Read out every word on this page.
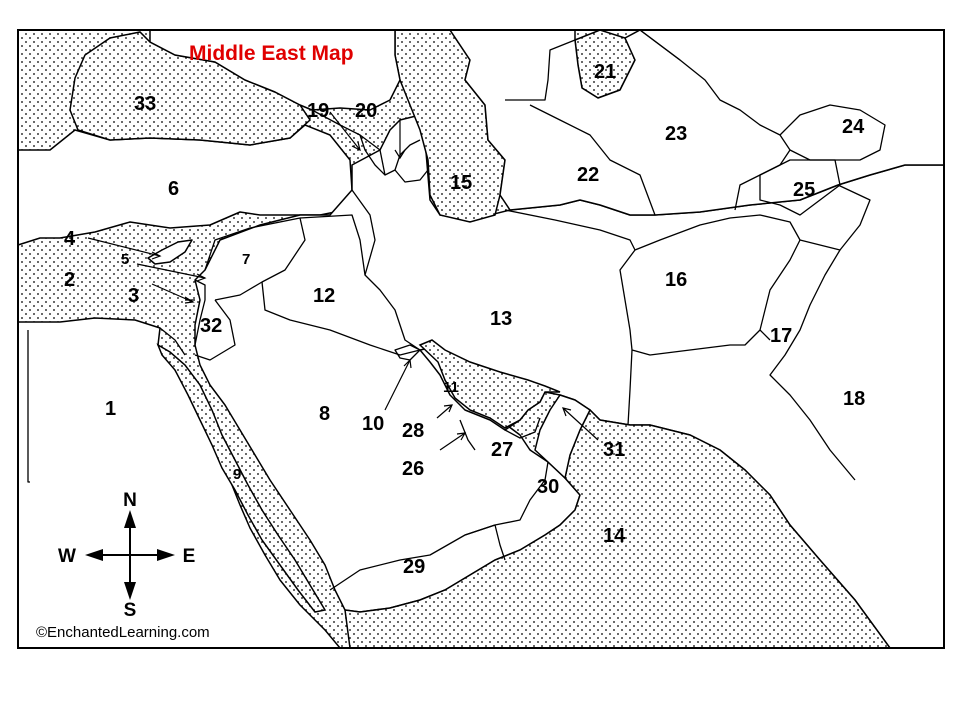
N
S
W	E
©EnchantedLearning.com
Middle East Map
1
2
3
4
5
6
7
8
9
10
11
12
13
14
15
16
17
18
19 20
21
22
23	24
25
26
27
28
29
30
31
32
33
